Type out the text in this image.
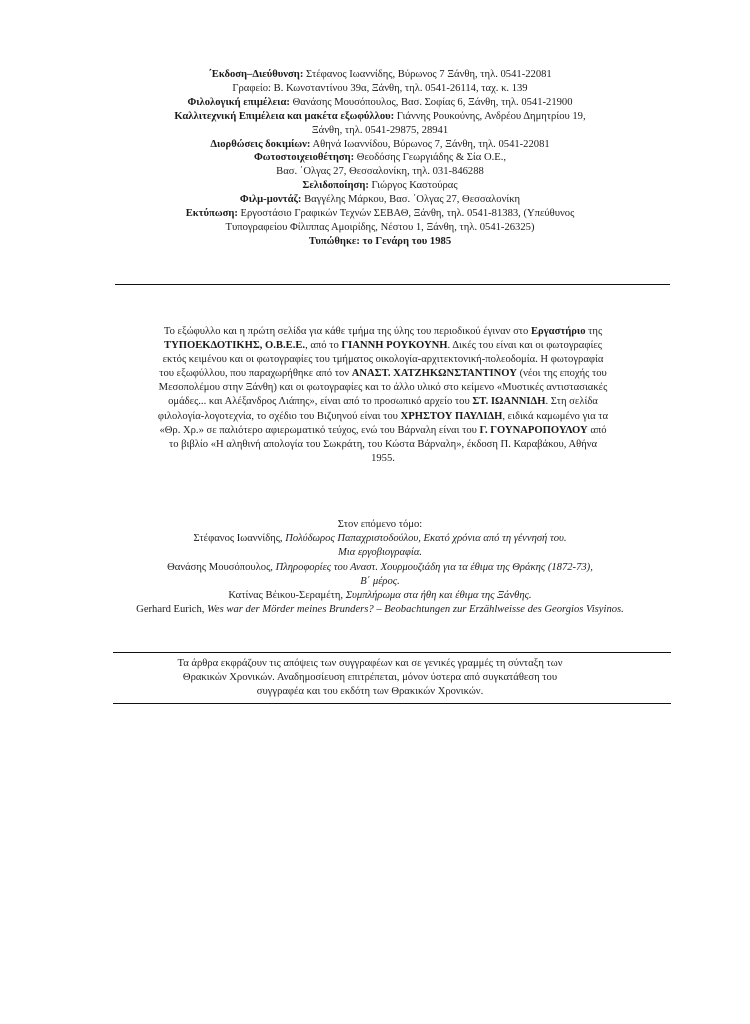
΄Εκδοση–Διεύθυνση: Στέφανος Ιωαννίδης, Βύρωνος 7 Ξάνθη, τηλ. 0541-22081
Γραφείο: Β. Κωνσταντίνου 39α, Ξάνθη, τηλ. 0541-26114, ταχ. κ. 139
Φιλολογική επιμέλεια: Θανάσης Μουσόπουλος, Βασ. Σοφίας 6, Ξάνθη, τηλ. 0541-21900
Καλλιτεχνική Επιμέλεια και μακέτα εξωφύλλου: Γιάννης Ρουκούνης, Ανδρέου Δημητρίου 19,
Ξάνθη, τηλ. 0541-29875, 28941
Διορθώσεις δοκιμίων: Αθηνά Ιωαννίδου, Βύρωνος 7, Ξάνθη, τηλ. 0541-22081
Φωτοστοιχειοθέτηση: Θεοδόσης Γεωργιάδης & Σία Ο.Ε.,
Βασ. ΄Ολγας 27, Θεσσαλονίκη, τηλ. 031-846288
Σελιδοποίηση: Γιώργος Καστούρας
Φιλμ-μοντάζ: Βαγγέλης Μάρκου, Βασ. ΄Ολγας 27, Θεσσαλονίκη
Εκτύπωση: Εργοστάσιο Γραφικών Τεχνών ΣΕΒΑΘ, Ξάνθη, τηλ. 0541-81383, (Υπεύθυνος
Τυπογραφείου Φίλιππας Αμοιρίδης, Νέστου 1, Ξάνθη, τηλ. 0541-26325)
Τυπώθηκε: το Γενάρη του 1985
Το εξώφυλλο και η πρώτη σελίδα για κάθε τμήμα της ύλης του περιοδικού έγιναν στο Εργαστήριο της
ΤΥΠΟΕΚΔΟΤΙΚΗΣ, Ο.Β.Ε.Ε., από το ΓΙΑΝΝΗ ΡΟΥΚΟΥΝΗ. Δικές του είναι και οι φωτογραφίες
εκτός κειμένου και οι φωτογραφίες του τμήματος οικολογία-αρχιτεκτονική-πολεοδομία. Η φωτογραφία
του εξωφύλλου, που παραχωρήθηκε από τον ΑΝΑΣΤ. ΧΑΤΖΗΚΩΝΣΤΑΝΤΙΝΟΥ (νέοι της εποχής του
Μεσοπολέμου στην Ξάνθη) και οι φωτογραφίες και το άλλο υλικό στο κείμενο «Μυστικές αντιστασιακές
ομάδες... και Αλέξανδρος Λιάπης», είναι από το προσωπικό αρχείο του ΣΤ. ΙΩΑΝΝΙΔΗ. Στη σελίδα
φιλολογία-λογοτεχνία, το σχέδιο του Βιζυηνού είναι του ΧΡΗΣΤΟΥ ΠΑΥΛΙΔΗ, ειδικά καμωμένο για τα
«Θρ. Χρ.» σε παλιότερο αφιερωματικό τεύχος, ενώ του Βάρναλη είναι του Γ. ΓΟΥΝΑΡΟΠΟΥΛΟΥ από
το βιβλίο «Η αληθινή απολογία του Σωκράτη, του Κώστα Βάρναλη», έκδοση Π. Καραβάκου, Αθήνα
1955.
Στον επόμενο τόμο:
Στέφανος Ιωαννίδης, Πολύδωρος Παπαχριστοδούλου, Εκατό χρόνια από τη γέννησή του.
Μια εργοβιογραφία.
Θανάσης Μουσόπουλος, Πληροφορίες του Αναστ. Χουρμουζιάδη για τα έθιμα της Θράκης (1872-73),
Β΄ μέρος.
Κατίνας Βέικου-Σεραμέτη, Συμπλήρωμα στα ήθη και έθιμα της Ξάνθης.
Gerhard Eurich, Wes war der Mörder meines Brunders? – Beobachtungen zur Erzählweisse des Georgios Visyinos.
Τα άρθρα εκφράζουν τις απόψεις των συγγραφέων και σε γενικές γραμμές τη σύνταξη των
Θρακικών Χρονικών. Αναδημοσίευση επιτρέπεται, μόνον ύστερα από συγκατάθεση του
συγγραφέα και του εκδότη των Θρακικών Χρονικών.
